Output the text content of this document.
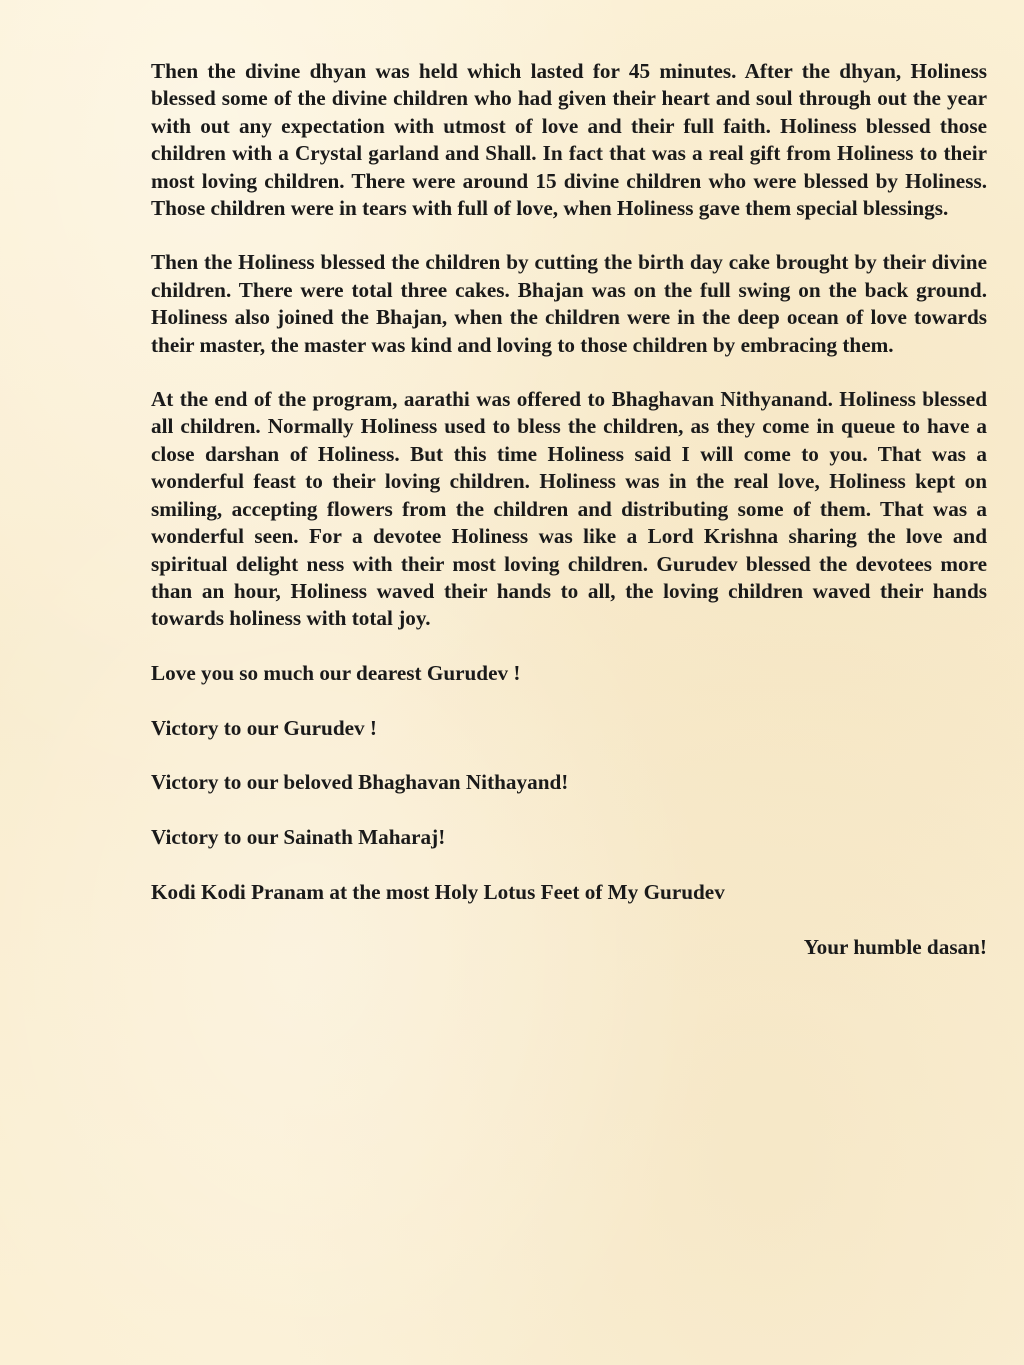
Then the divine dhyan was held which lasted for 45 minutes. After the dhyan, Holiness blessed some of the divine children who had given their heart and soul through out the year with out any expectation with utmost of love and their full faith. Holiness blessed those children with a Crystal garland and Shall. In fact that was a real gift from Holiness to their most loving children. There were around 15 divine children who were blessed by Holiness. Those children were in tears with full of love, when Holiness gave them special blessings.

Then the Holiness blessed the children by cutting the birth day cake brought by their divine children. There were total three cakes. Bhajan was on the full swing on the back ground. Holiness also joined the Bhajan, when the children were in the deep ocean of love towards their master, the master was kind and loving to those children by embracing them.

At the end of the program, aarathi was offered to Bhaghavan Nithyanand. Holiness blessed all children. Normally Holiness used to bless the children, as they come in queue to have a close darshan of Holiness. But this time Holiness said I will come to you. That was a wonderful feast to their loving children. Holiness was in the real love, Holiness kept on smiling, accepting flowers from the children and distributing some of them. That was a wonderful seen. For a devotee Holiness was like a Lord Krishna sharing the love and spiritual delight ness with their most loving children. Gurudev blessed the devotees more than an hour, Holiness waved their hands to all, the loving children waved their hands towards holiness with total joy.

Love you so much our dearest Gurudev !

Victory to our Gurudev !

Victory to our beloved Bhaghavan Nithayand!

Victory to our Sainath Maharaj!

Kodi Kodi Pranam at the most Holy Lotus Feet of My Gurudev

Your humble dasan!
